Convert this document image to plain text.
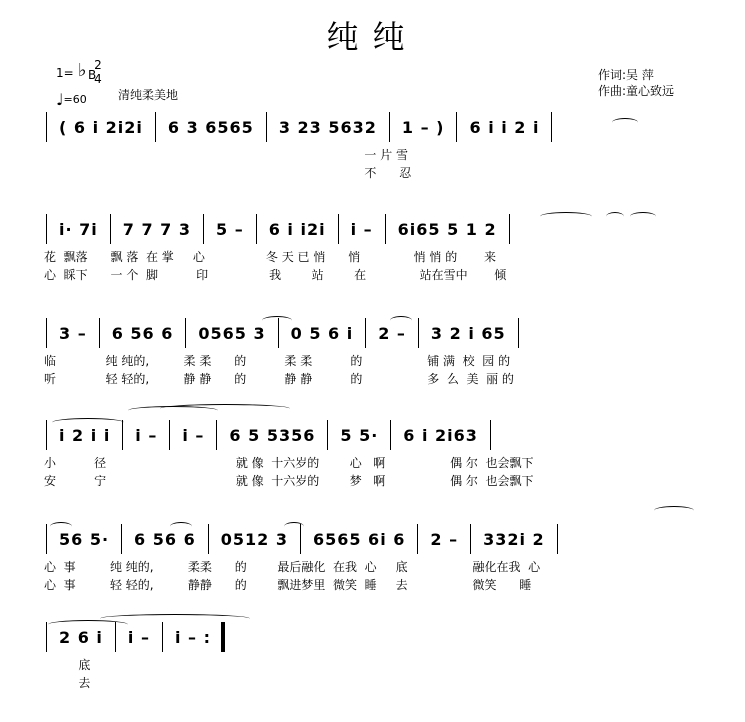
纯纯
1= ♭ B
2
4
♩=60	清纯柔美地
作词:吴 萍
作曲:童心致远
( 6 i 2i2i	6 3 6565	3 23 5632	1 – )	6 i i 2 i
一 片 雪
不      忍
i· 7i	7 7 7 3	5 –	6 i i2i	i –	6i65 5 1 2
花  飘落      飘 落  在 掌     心                冬 天 已 悄      悄              悄 悄 的       来
心  睬下      一 个  脚          印                我        站        在              站在雪中       倾
3 –	6 56 6	0565 3	0 5 6 i	2 –	3 2 i 65
临             纯 纯的,         柔 柔      的          柔 柔          的                 铺 满  校  园 的
听             轻 轻的,         静 静      的          静 静          的                 多  么  美  丽 的
i 2 i i	i –	i –	6 5 5356	5 5·	6 i 2i63
小          径                                  就 像  十六岁的        心   啊                 偶 尔  也会飘下
安          宁                                  就 像  十六岁的        梦   啊                 偶 尔  也会飘下
56 5·	6 56 6	0512 3	6565 6i 6	2 –	332i 2
心  事         纯 纯的,         柔柔      的        最后融化  在我  心     底                 融化在我  心
心  事         轻 轻的,         静静      的        飘进梦里  微笑  睡     去                 微笑      睡
2 6 i	i –	i – :
底
去
